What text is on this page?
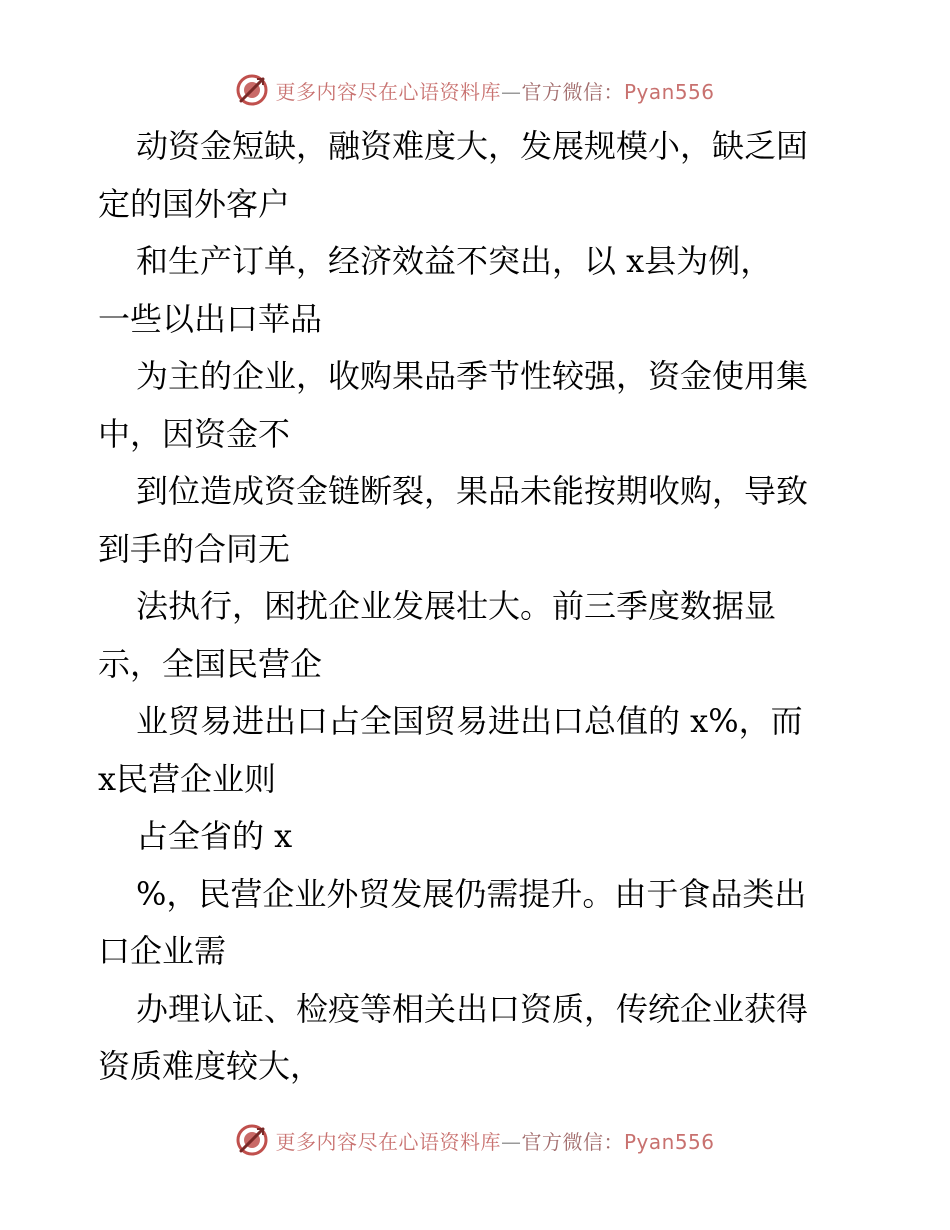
更多内容尽在心语资料库—官方微信：Pyan556
动资金短缺，融资难度大，发展规模小，缺乏固
定的国外客户
和生产订单，经济效益不突出，以 x县为例，
一些以出口苹品
为主的企业，收购果品季节性较强，资金使用集
中，因资金不
到位造成资金链断裂，果品未能按期收购，导致
到手的合同无
法执行，困扰企业发展壮大。前三季度数据显
示，全国民营企
业贸易进出口占全国贸易进出口总值的 x%，而
x民营企业则
占全省的 x
%，民营企业外贸发展仍需提升。由于食品类出
口企业需
办理认证、检疫等相关出口资质，传统企业获得
资质难度较大，
更多内容尽在心语资料库—官方微信：Pyan556
